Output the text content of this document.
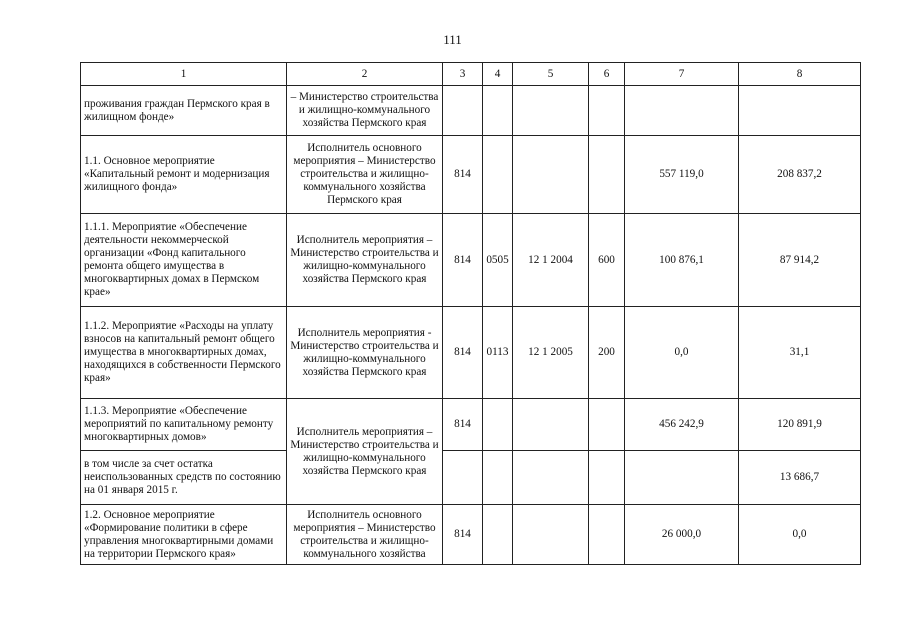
111
1	2	3	4	5	6	7	8
проживания граждан Пермского края в жилищном фонде»	– Министерство строительства и жилищно-коммунального хозяйства Пермского края						
1.1. Основное мероприятие «Капитальный ремонт и модернизация жилищного фонда»	Исполнитель основного мероприятия – Министерство строительства и жилищно-коммунального хозяйства Пермского края	814				557 119,0	208 837,2
1.1.1. Мероприятие «Обеспечение деятельности некоммерческой организации «Фонд капитального ремонта общего имущества в многоквартирных домах в Пермском крае»	Исполнитель мероприятия – Министерство строительства и жилищно-коммунального хозяйства Пермского края	814	0505	12 1 2004	600	100 876,1	87 914,2
1.1.2. Мероприятие «Расходы на уплату взносов на капитальный ремонт общего имущества в многоквартирных домах, находящихся в собственности Пермского края»	Исполнитель мероприятия - Министерство строительства и жилищно-коммунального хозяйства Пермского края	814	0113	12 1 2005	200	0,0	31,1
1.1.3. Мероприятие «Обеспечение мероприятий по капитальному ремонту многоквартирных домов»	Исполнитель мероприятия – Министерство строительства и жилищно-коммунального хозяйства Пермского края	814				456 242,9	120 891,9
в том числе за счет остатка неиспользованных средств по состоянию на 01 января 2015 г.							13 686,7
1.2. Основное мероприятие «Формирование политики в сфере управления многоквартирными домами на территории Пермского края»	Исполнитель основного мероприятия – Министерство строительства и жилищно-коммунального хозяйства	814				26 000,0	0,0
